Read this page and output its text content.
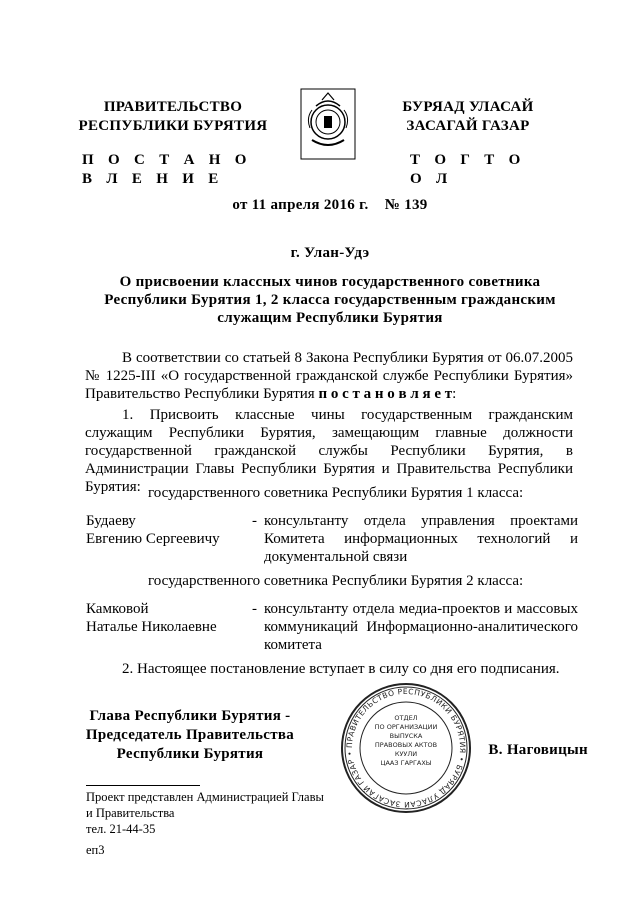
ПРАВИТЕЛЬСТВО
РЕСПУБЛИКИ БУРЯТИЯ
БУРЯАД УЛАСАЙ
ЗАСАГАЙ ГАЗАР
П О С Т А Н О В Л Е Н И Е
Т О Г Т О О Л
от 11 апреля 2016 г.    № 139
г. Улан-Удэ
О присвоении классных чинов государственного советника
Республики Бурятия 1, 2 класса государственным гражданским
служащим Республики Бурятия
В соответствии со статьей 8 Закона Республики Бурятия от 06.07.2005 № 1225-III «О государственной гражданской службе Республики Бурятия» Правительство Республики Бурятия п о с т а н о в л я е т:
1. Присвоить классные чины государственным гражданским служащим Республики Бурятия, замещающим главные должности государственной гражданской службы Республики Бурятия, в Администрации Главы Республики Бурятия и Правительства Республики Бурятия: государственного советника Республики Бурятия 1 класса:
Будаеву
Евгению Сергеевичу
- консультанту отдела управления проектами Комитета информационных технологий и документальной связи
государственного советника Республики Бурятия 2 класса:
Камковой
Наталье Николаевне
- консультанту отдела медиа-проектов и массовых коммуникаций Информационно-аналитического комитета
2. Настоящее постановление вступает в силу со дня его подписания.
Глава Республики Бурятия -
Председатель Правительства
Республики Бурятия
ПРАВИТЕЛЬСТВО РЕСПУБЛИКИ БУРЯТИЯ • БУРЯАД УЛАСАЙ ЗАСАГАЙ ГАЗАР •
ОТДЕЛ
ПО ОРГАНИЗАЦИИ
ВЫПУСКА
ПРАВОВЫХ АКТОВ
КУУЛИ
ЦААЗ ГАРГАХЫ
В. Наговицын
Проект представлен Администрацией Главы
и Правительства
тел. 21-44-35
еп3
